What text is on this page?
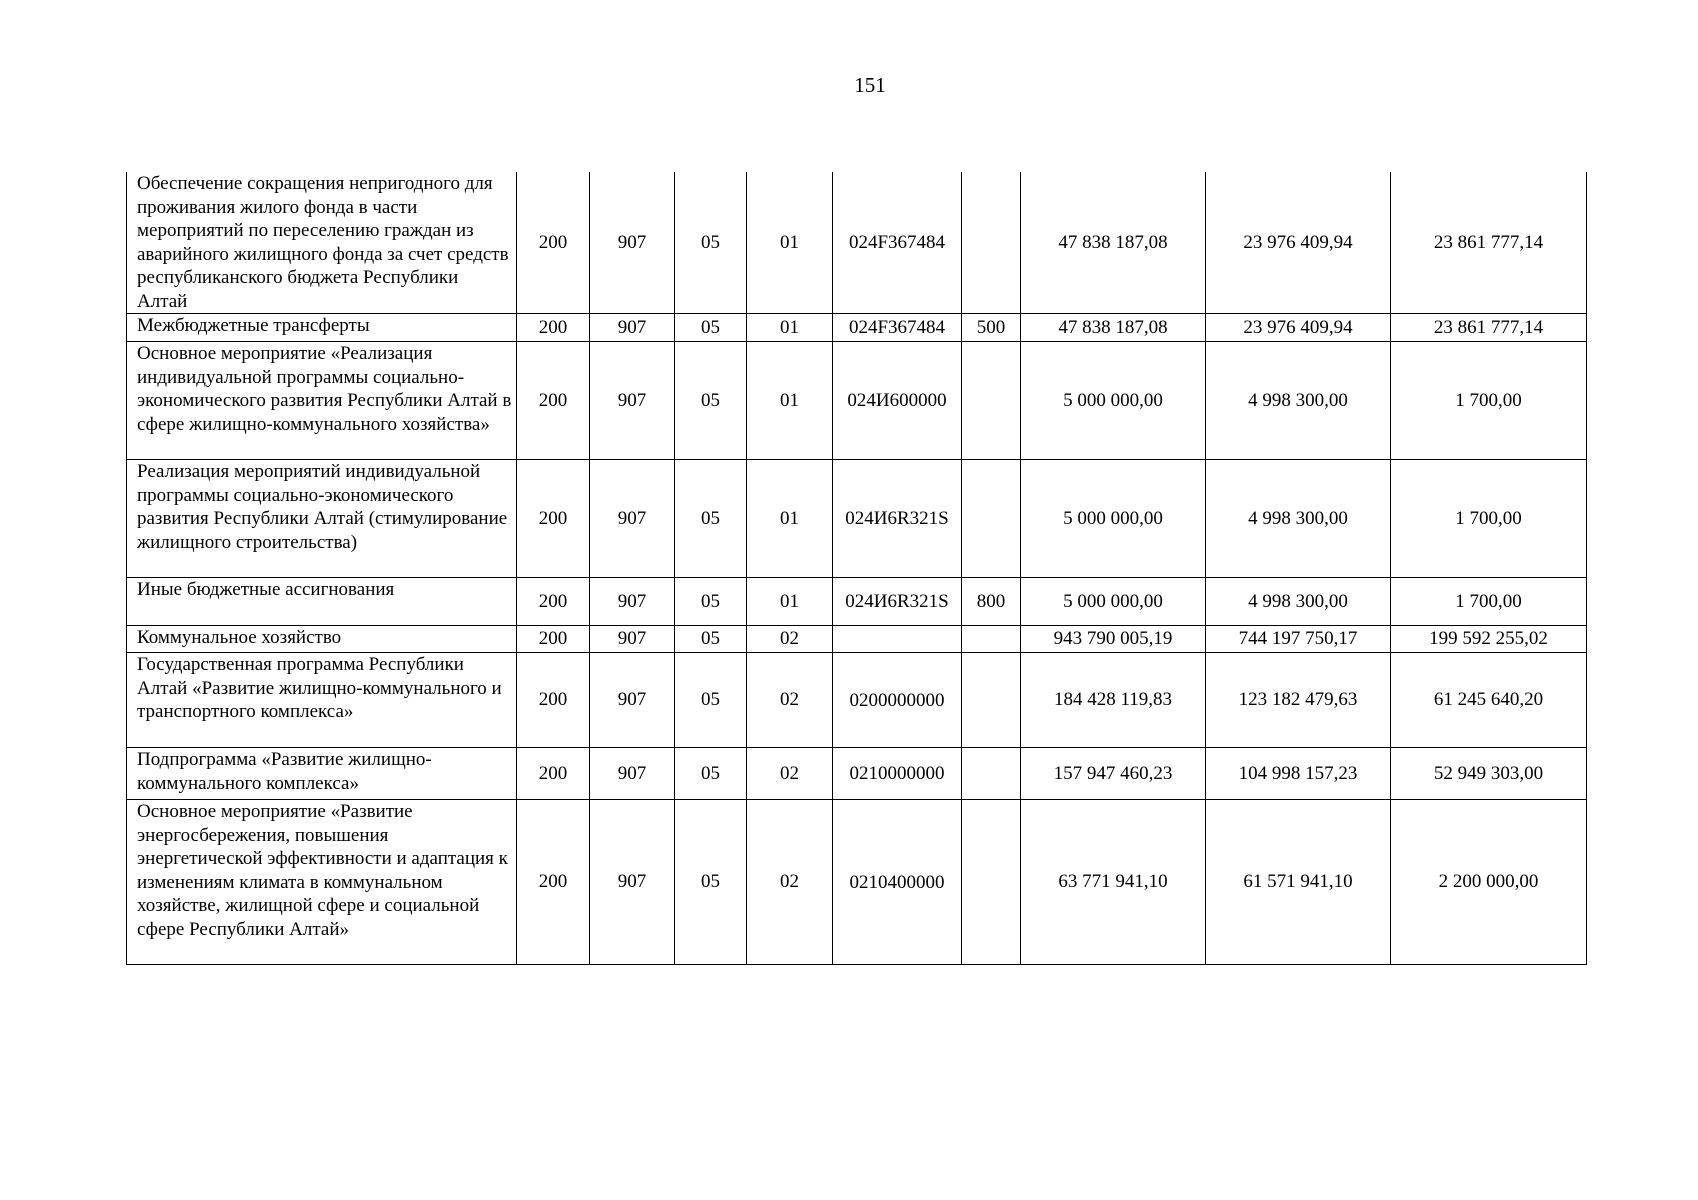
151
Обеспечение сокращения непригодного для проживания жилого фонда в части мероприятий по переселению граждан из аварийного жилищного фонда за счет средств республиканского бюджета Республики Алтай	200	907	05	01	024F367484		47 838 187,08	23 976 409,94	23 861 777,14
Межбюджетные трансферты	200	907	05	01	024F367484	500	47 838 187,08	23 976 409,94	23 861 777,14
Основное мероприятие «Реализация индивидуальной программы социально-экономического развития Республики Алтай в сфере жилищно-коммунального хозяйства»	200	907	05	01	024И600000		5 000 000,00	4 998 300,00	1 700,00
Реализация мероприятий индивидуальной программы социально-экономического развития Республики Алтай (стимулирование жилищного строительства)	200	907	05	01	024И6R321S		5 000 000,00	4 998 300,00	1 700,00
Иные бюджетные ассигнования	200	907	05	01	024И6R321S	800	5 000 000,00	4 998 300,00	1 700,00
Коммунальное хозяйство	200	907	05	02			943 790 005,19	744 197 750,17	199 592 255,02
Государственная программа Республики Алтай «Развитие жилищно-коммунального и транспортного комплекса»	200	907	05	02	0200000000		184 428 119,83	123 182 479,63	61 245 640,20
Подпрограмма «Развитие жилищно-коммунального комплекса»	200	907	05	02	0210000000		157 947 460,23	104 998 157,23	52 949 303,00
Основное мероприятие «Развитие энергосбережения, повышения энергетической эффективности и адаптация к изменениям климата в коммунальном хозяйстве, жилищной сфере и социальной сфере Республики Алтай»	200	907	05	02	0210400000		63 771 941,10	61 571 941,10	2 200 000,00
